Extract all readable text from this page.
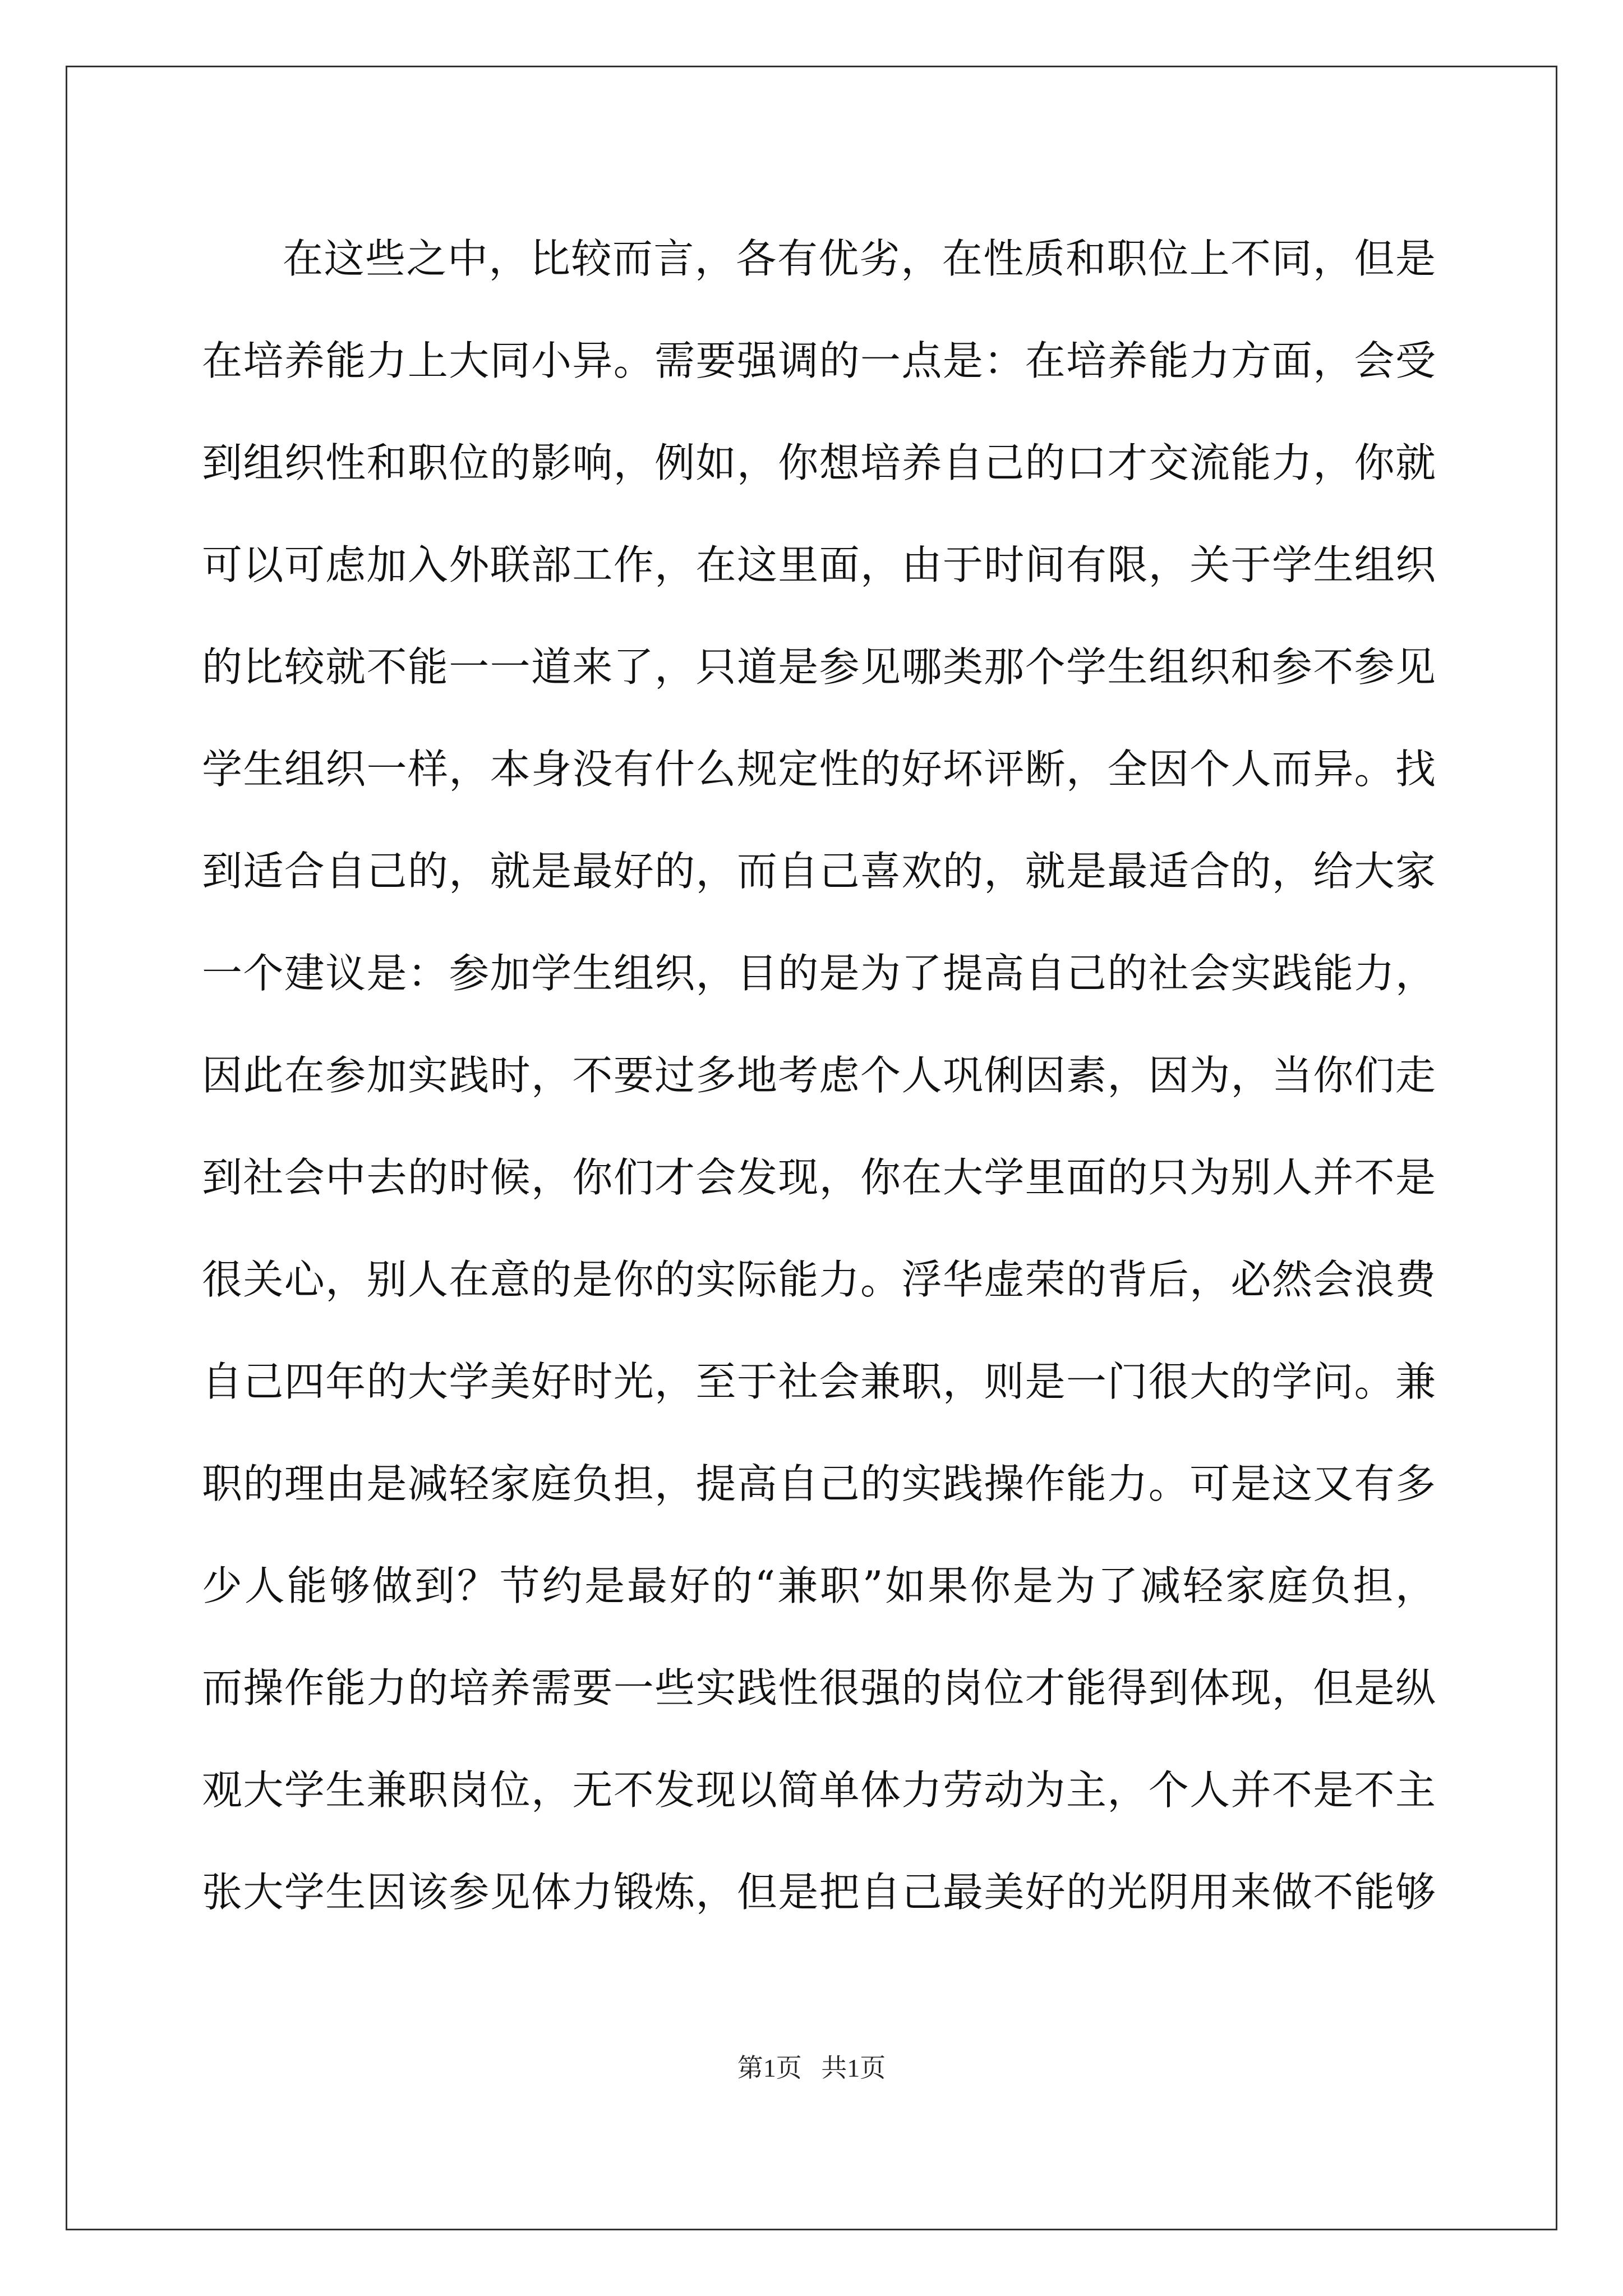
在这些之中，比较而言，各有优劣，在性质和职位上不同，但是
在培养能力上大同小异。需要强调的一点是：在培养能力方面，会受
到组织性和职位的影响，例如，你想培养自己的口才交流能力，你就
可以可虑加入外联部工作，在这里面，由于时间有限，关于学生组织
的比较就不能一一道来了，只道是参见哪类那个学生组织和参不参见
学生组织一样，本身没有什么规定性的好坏评断，全因个人而异。找
到适合自己的，就是最好的，而自己喜欢的，就是最适合的，给大家
一个建议是：参加学生组织，目的是为了提高自己的社会实践能力，
因此在参加实践时，不要过多地考虑个人巩俐因素，因为，当你们走
到社会中去的时候，你们才会发现，你在大学里面的只为别人并不是
很关心，别人在意的是你的实际能力。浮华虚荣的背后，必然会浪费
自己四年的大学美好时光，至于社会兼职，则是一门很大的学问。兼
职的理由是减轻家庭负担，提高自己的实践操作能力。可是这又有多
少人能够做到？节约是最好的“兼职”如果你是为了减轻家庭负担，
而操作能力的培养需要一些实践性很强的岗位才能得到体现，但是纵
观大学生兼职岗位，无不发现以简单体力劳动为主，个人并不是不主
张大学生因该参见体力锻炼，但是把自己最美好的光阴用来做不能够
第1页 共1页
